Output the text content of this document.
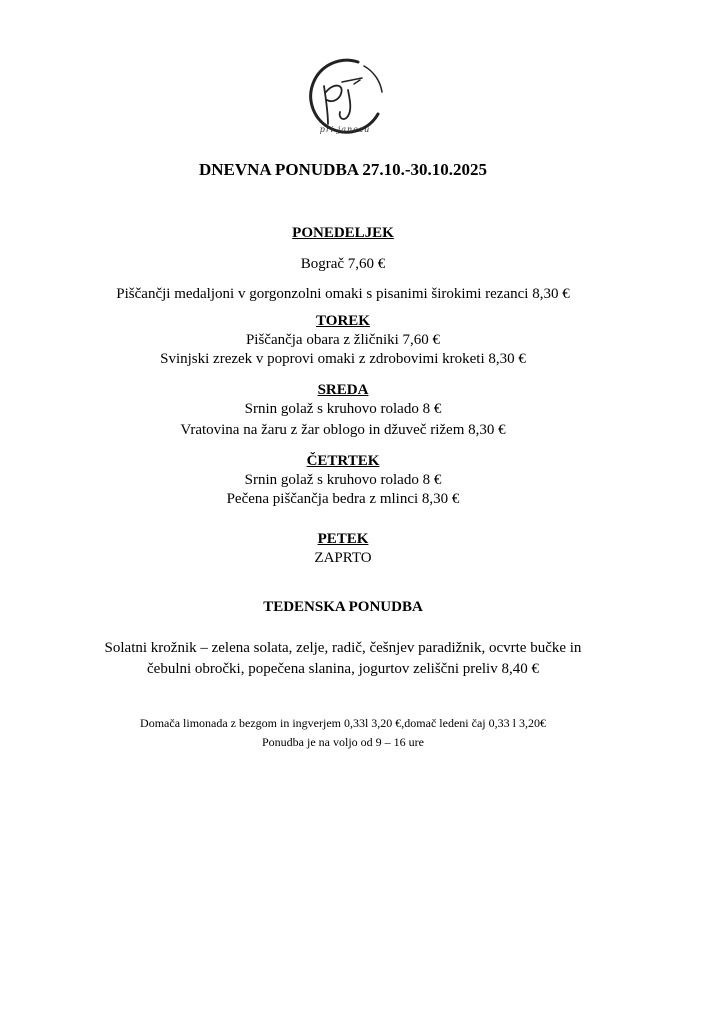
pri janezu
DNEVNA PONUDBA 27.10.-30.10.2025
PONEDELJEK
Bograč 7,60 €
Piščančji medaljoni v gorgonzolni omaki s pisanimi širokimi rezanci 8,30 €
TOREK
Piščančja obara z žličniki 7,60 €
Svinjski zrezek v poprovi omaki z zdrobovimi kroketi 8,30 €
SREDA
Srnin golaž s kruhovo rolado 8 €
Vratovina na žaru z žar oblogo in džuveč rižem 8,30 €
ČETRTEK
Srnin golaž s kruhovo rolado 8 €
Pečena piščančja bedra z mlinci 8,30 €
PETEK
ZAPRTO
TEDENSKA PONUDBA
Solatni krožnik – zelena solata, zelje, radič, češnjev paradižnik, ocvrte bučke in
čebulni obročki, popečena slanina, jogurtov zeliščni preliv 8,40 €
Domača limonada z bezgom in ingverjem 0,33l 3,20 €,domač ledeni čaj 0,33 l 3,20€
Ponudba je na voljo od 9 – 16 ure
